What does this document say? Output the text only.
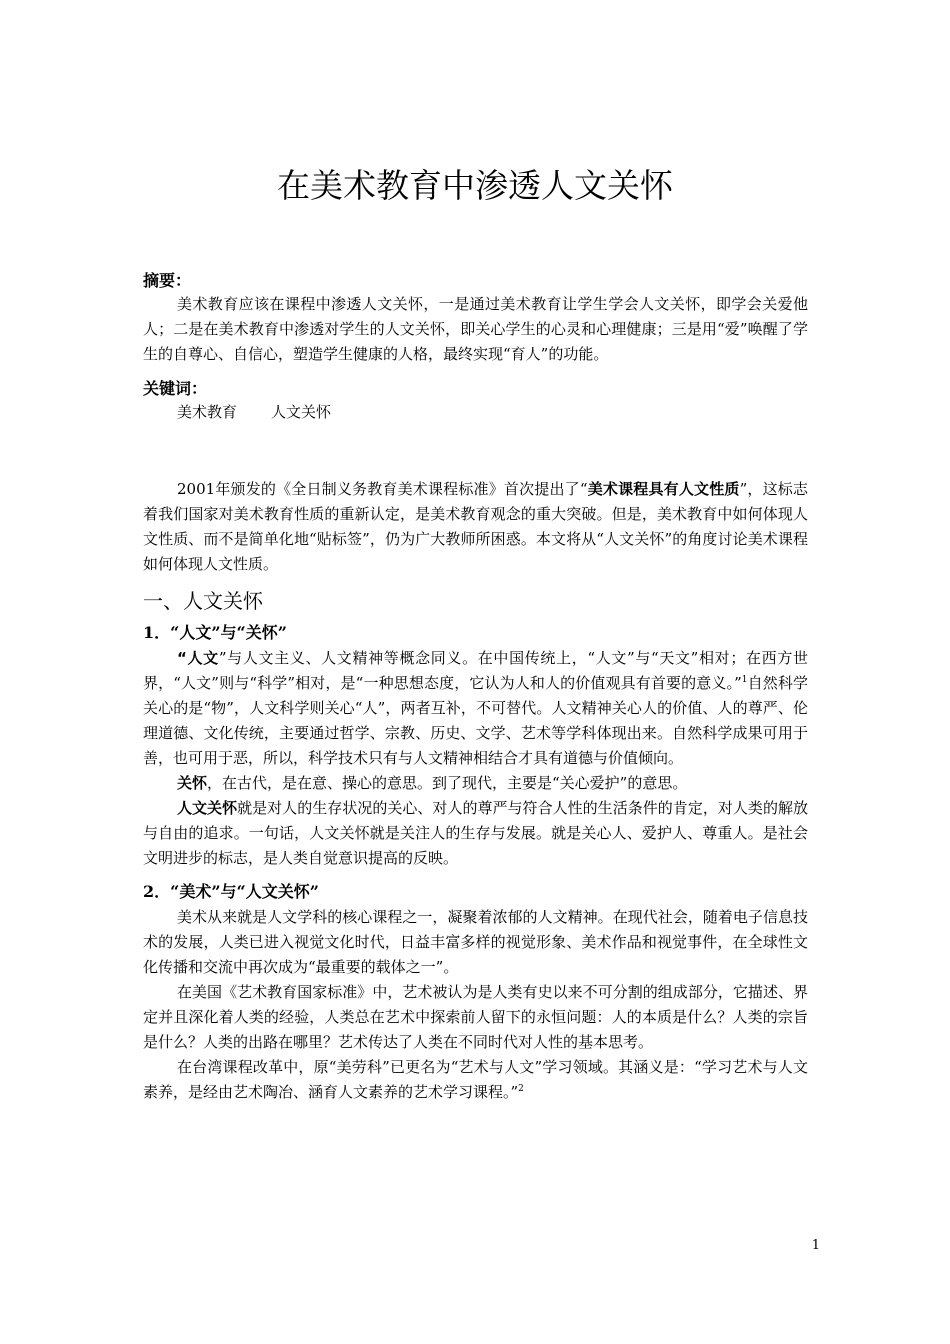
在美术教育中渗透人文关怀
摘要：

美术教育应该在课程中渗透人文关怀，一是通过美术教育让学生学会人文关怀，即学会关爱他人；二是在美术教育中渗透对学生的人文关怀，即关心学生的心灵和心理健康；三是用“爱”唤醒了学生的自尊心、自信心，塑造学生健康的人格，最终实现“育人”的功能。

关键词：

美术教育 人文关怀

2001年颁发的《全日制义务教育美术课程标准》首次提出了“美术课程具有人文性质”，这标志着我们国家对美术教育性质的重新认定，是美术教育观念的重大突破。但是，美术教育中如何体现人文性质、而不是简单化地“贴标签”，仍为广大教师所困惑。本文将从“人文关怀”的角度讨论美术课程如何体现人文性质。

一、人文关怀
1．“人文”与“关怀”

“人文”与人文主义、人文精神等概念同义。在中国传统上，“人文”与“天文”相对；在西方世界，“人文”则与“科学”相对，是“一种思想态度，它认为人和人的价值观具有首要的意义。”$^1$自然科学关心的是“物”，人文科学则关心“人”，两者互补，不可替代。人文精神关心人的价值、人的尊严、伦理道德、文化传统，主要通过哲学、宗教、历史、文学、艺术等学科体现出来。自然科学成果可用于善，也可用于恶，所以，科学技术只有与人文精神相结合才具有道德与价值倾向。

关怀，在古代，是在意、操心的意思。到了现代，主要是“关心爱护”的意思。

人文关怀就是对人的生存状况的关心、对人的尊严与符合人性的生活条件的肯定，对人类的解放与自由的追求。一句话，人文关怀就是关注人的生存与发展。就是关心人、爱护人、尊重人。是社会文明进步的标志，是人类自觉意识提高的反映。

2．“美术”与“人文关怀”

美术从来就是人文学科的核心课程之一，凝聚着浓郁的人文精神。在现代社会，随着电子信息技术的发展，人类已进入视觉文化时代，日益丰富多样的视觉形象、美术作品和视觉事件，在全球性文化传播和交流中再次成为“最重要的载体之一”。

在美国《艺术教育国家标准》中，艺术被认为是人类有史以来不可分割的组成部分，它描述、界定并且深化着人类的经验，人类总在艺术中探索前人留下的永恒问题：人的本质是什么？人类的宗旨是什么？人类的出路在哪里？艺术传达了人类在不同时代对人性的基本思考。

在台湾课程改革中，原“美劳科”已更名为“艺术与人文”学习领域。其涵义是：“学习艺术与人文素养，是经由艺术陶冶、涵育人文素养的艺术学习课程。”$^2$

1
